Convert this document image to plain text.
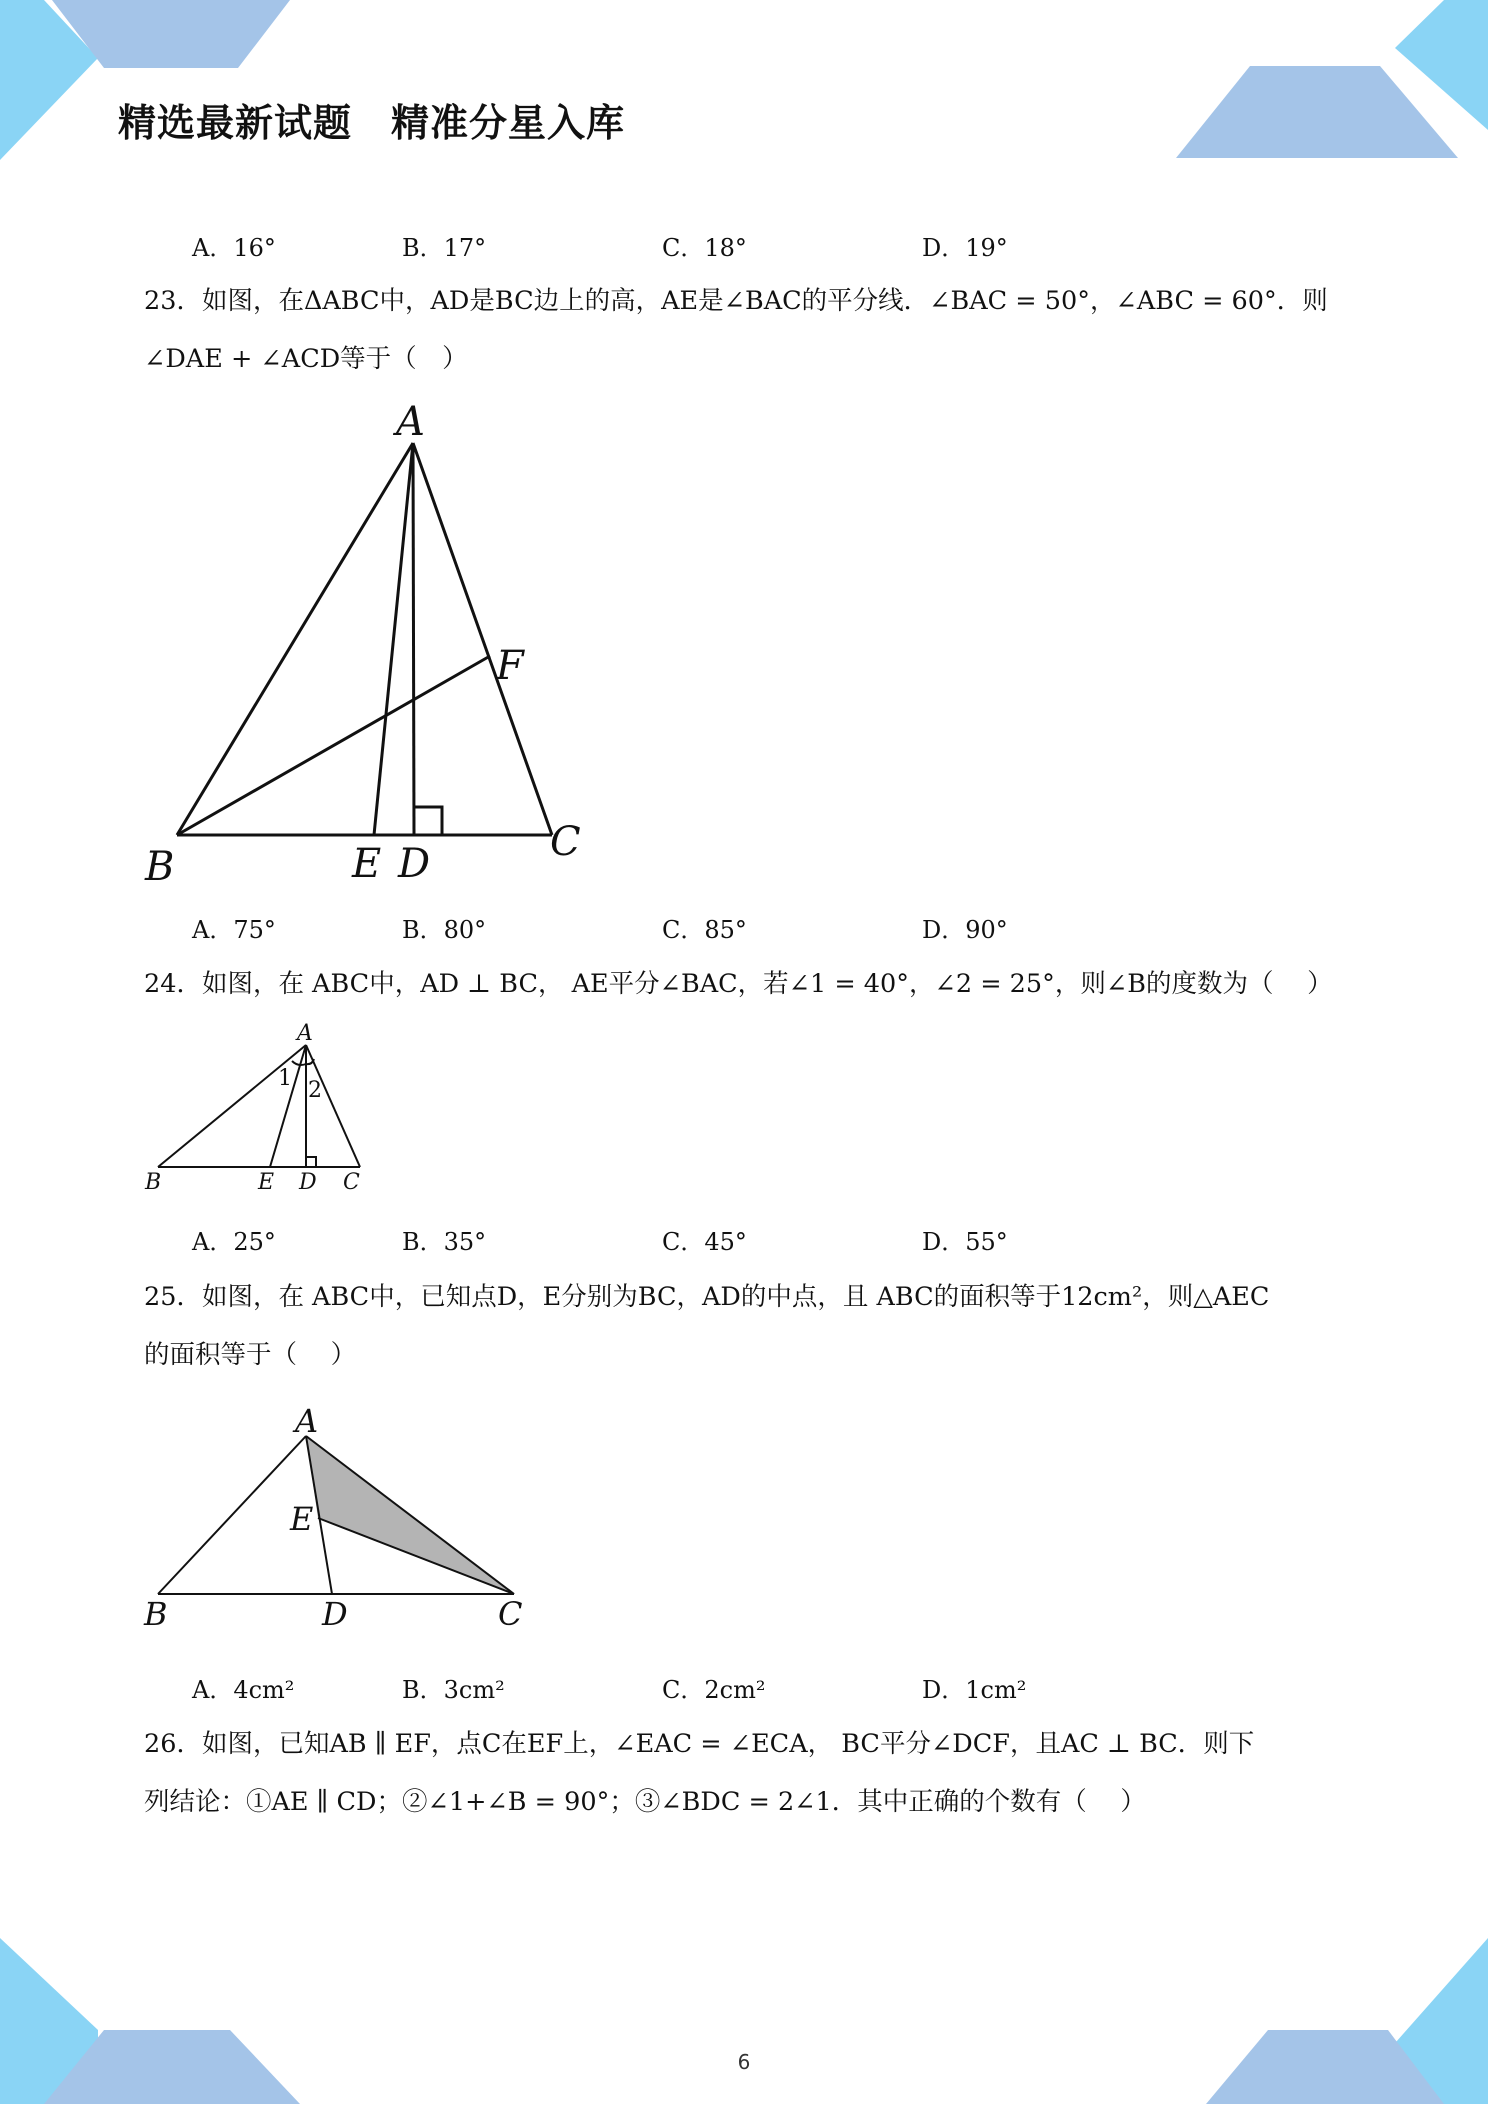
精选最新试题　精准分星入库
A．16°	B．17°	C．18°	D．19°
23．如图，在ΔABC中，AD是BC边上的高，AE是∠BAC的平分线．∠BAC = 50°，∠ABC = 60°．则
∠DAE + ∠ACD等于（　）
A
B
C
D
E
F
A．75°	B．80°	C．85°	D．90°
24．如图，在 ABC中，AD ⊥ BC， AE平分∠BAC，若∠1 = 40°，∠2 = 25°，则∠B的度数为（　 ）
A
B	C
D
E
1 2
A．25°	B．35°	C．45°	D．55°
25．如图，在 ABC中，已知点D，E分别为BC，AD的中点，且 ABC的面积等于12cm²，则△AEC
的面积等于（　 ）
A
B	C
D
E
A．4cm²	B．3cm²	C．2cm²	D．1cm²
26．如图，已知AB ∥ EF，点C在EF上，∠EAC = ∠ECA， BC平分∠DCF，且AC ⊥ BC．则下
列结论：①AE ∥ CD；②∠1+∠B = 90°；③∠BDC = 2∠1．其中正确的个数有（　 ）
6
